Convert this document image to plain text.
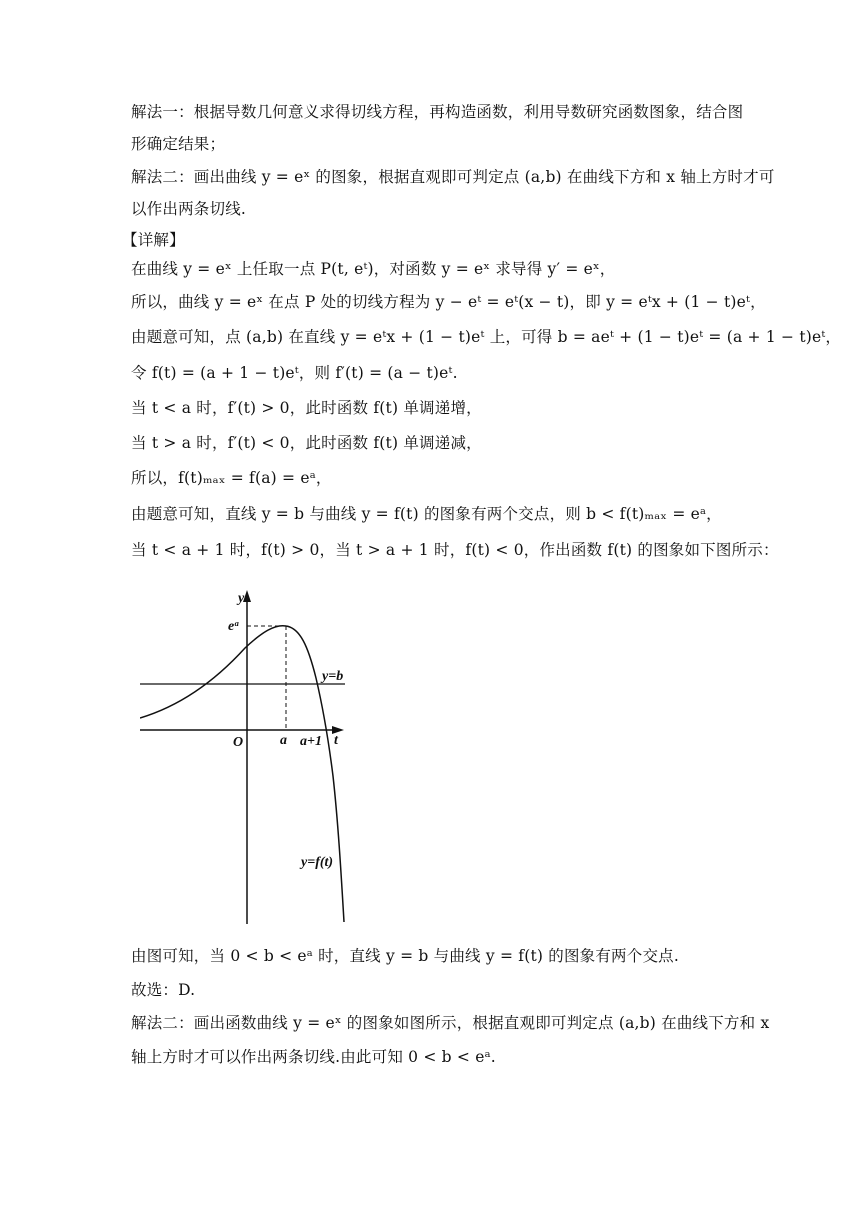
解法一：根据导数几何意义求得切线方程，再构造函数，利用导数研究函数图象，结合图
形确定结果；
解法二：画出曲线 y = eˣ 的图象，根据直观即可判定点 (a,b) 在曲线下方和 x 轴上方时才可
以作出两条切线.
【详解】
在曲线 y = eˣ 上任取一点 P(t, eᵗ)，对函数 y = eˣ 求导得 y′ = eˣ，
所以，曲线 y = eˣ 在点 P 处的切线方程为 y − eᵗ = eᵗ(x − t)，即 y = eᵗx + (1 − t)eᵗ，
由题意可知，点 (a,b) 在直线 y = eᵗx + (1 − t)eᵗ 上，可得 b = aeᵗ + (1 − t)eᵗ = (a + 1 − t)eᵗ，
令 f(t) = (a + 1 − t)eᵗ，则 f′(t) = (a − t)eᵗ.
当 t < a 时，f′(t) > 0，此时函数 f(t) 单调递增，
当 t > a 时，f′(t) < 0，此时函数 f(t) 单调递减，
所以，f(t)ₘₐₓ = f(a) = eᵃ，
由题意可知，直线 y = b 与曲线 y = f(t) 的图象有两个交点，则 b < f(t)ₘₐₓ = eᵃ，
当 t < a + 1 时，f(t) > 0，当 t > a + 1 时，f(t) < 0，作出函数 f(t) 的图象如下图所示：
y
t
O
eᵃ
a a+1
y=b
y=f(t)
由图可知，当 0 < b < eᵃ 时，直线 y = b 与曲线 y = f(t) 的图象有两个交点.
故选：D.
解法二：画出函数曲线 y = eˣ 的图象如图所示，根据直观即可判定点 (a,b) 在曲线下方和 x
轴上方时才可以作出两条切线.由此可知 0 < b < eᵃ.
